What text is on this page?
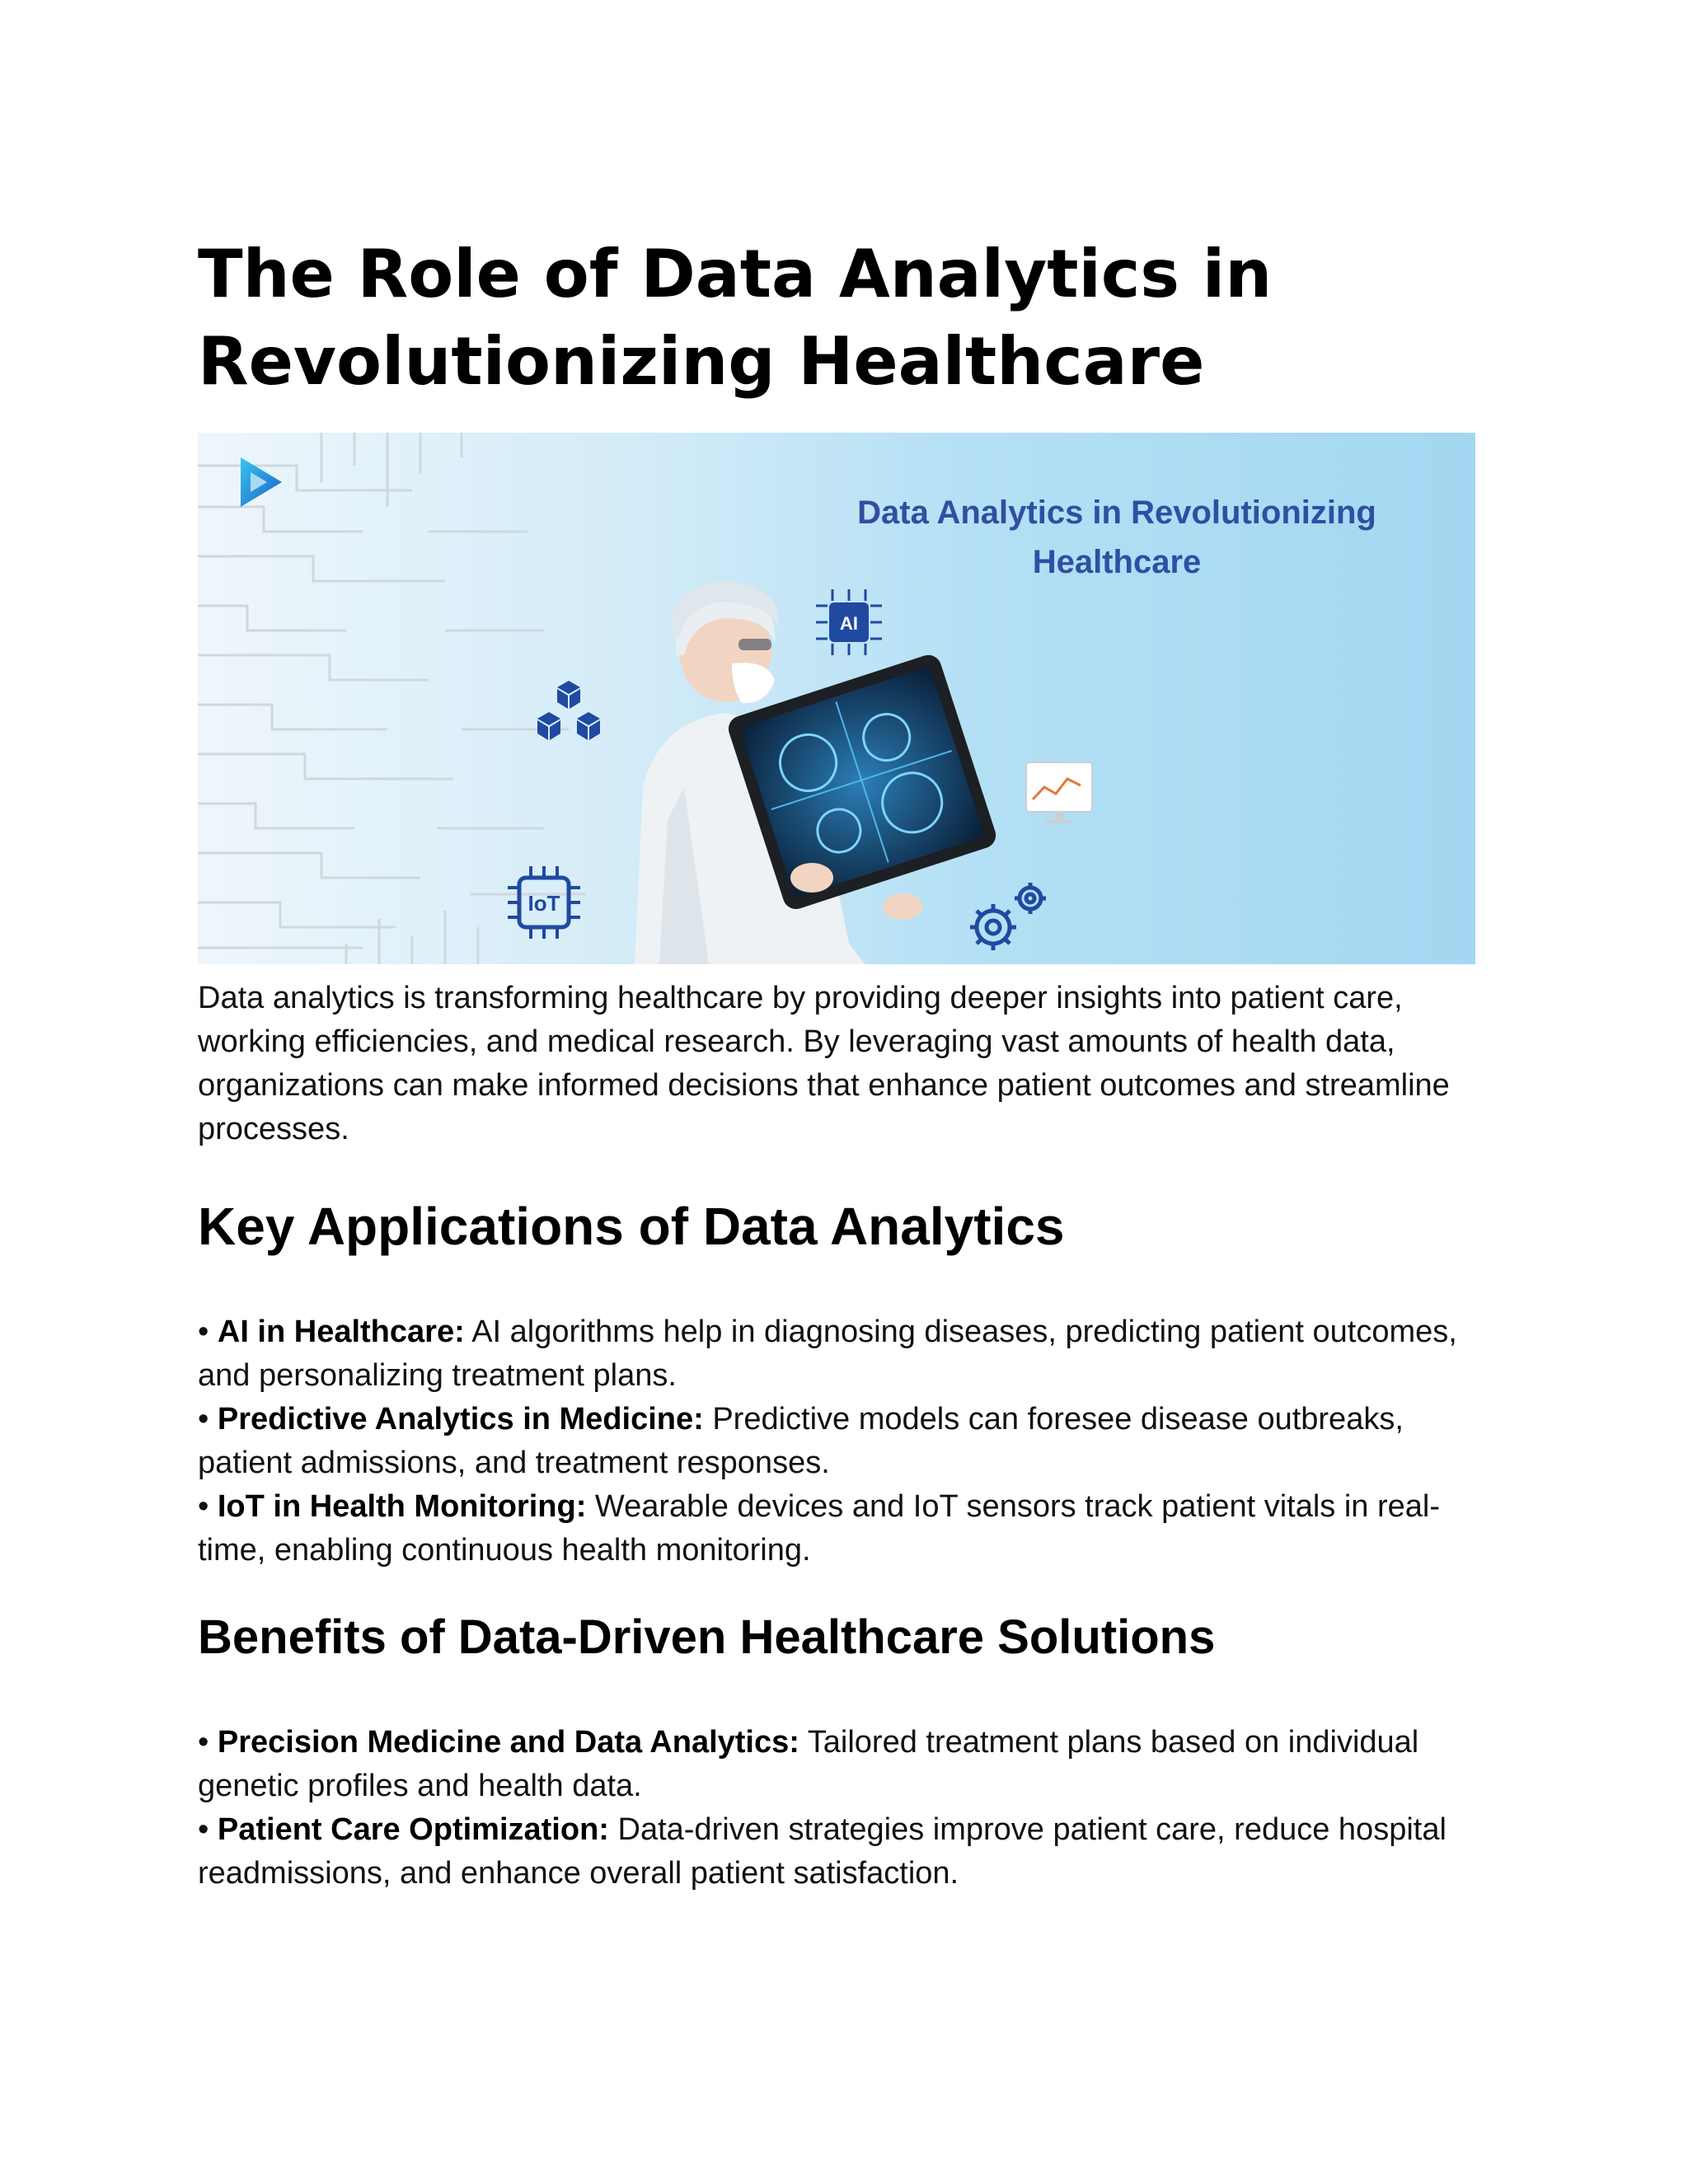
The Role of Data Analytics in
Revolutionizing Healthcare
Data Analytics in Revolutionizing
Healthcare
AI
IoT

Data analytics is transforming healthcare by providing deeper insights into patient care, working efficiencies, and medical research. By leveraging vast amounts of health data, organizations can make informed decisions that enhance patient outcomes and streamline processes.

Key Applications of Data Analytics
• AI in Healthcare: AI algorithms help in diagnosing diseases, predicting patient outcomes, and personalizing treatment plans.
• Predictive Analytics in Medicine: Predictive models can foresee disease outbreaks, patient admissions, and treatment responses.
• IoT in Health Monitoring: Wearable devices and IoT sensors track patient vitals in real-time, enabling continuous health monitoring.
Benefits of Data-Driven Healthcare Solutions
• Precision Medicine and Data Analytics: Tailored treatment plans based on individual genetic profiles and health data.
• Patient Care Optimization: Data-driven strategies improve patient care, reduce hospital readmissions, and enhance overall patient satisfaction.
